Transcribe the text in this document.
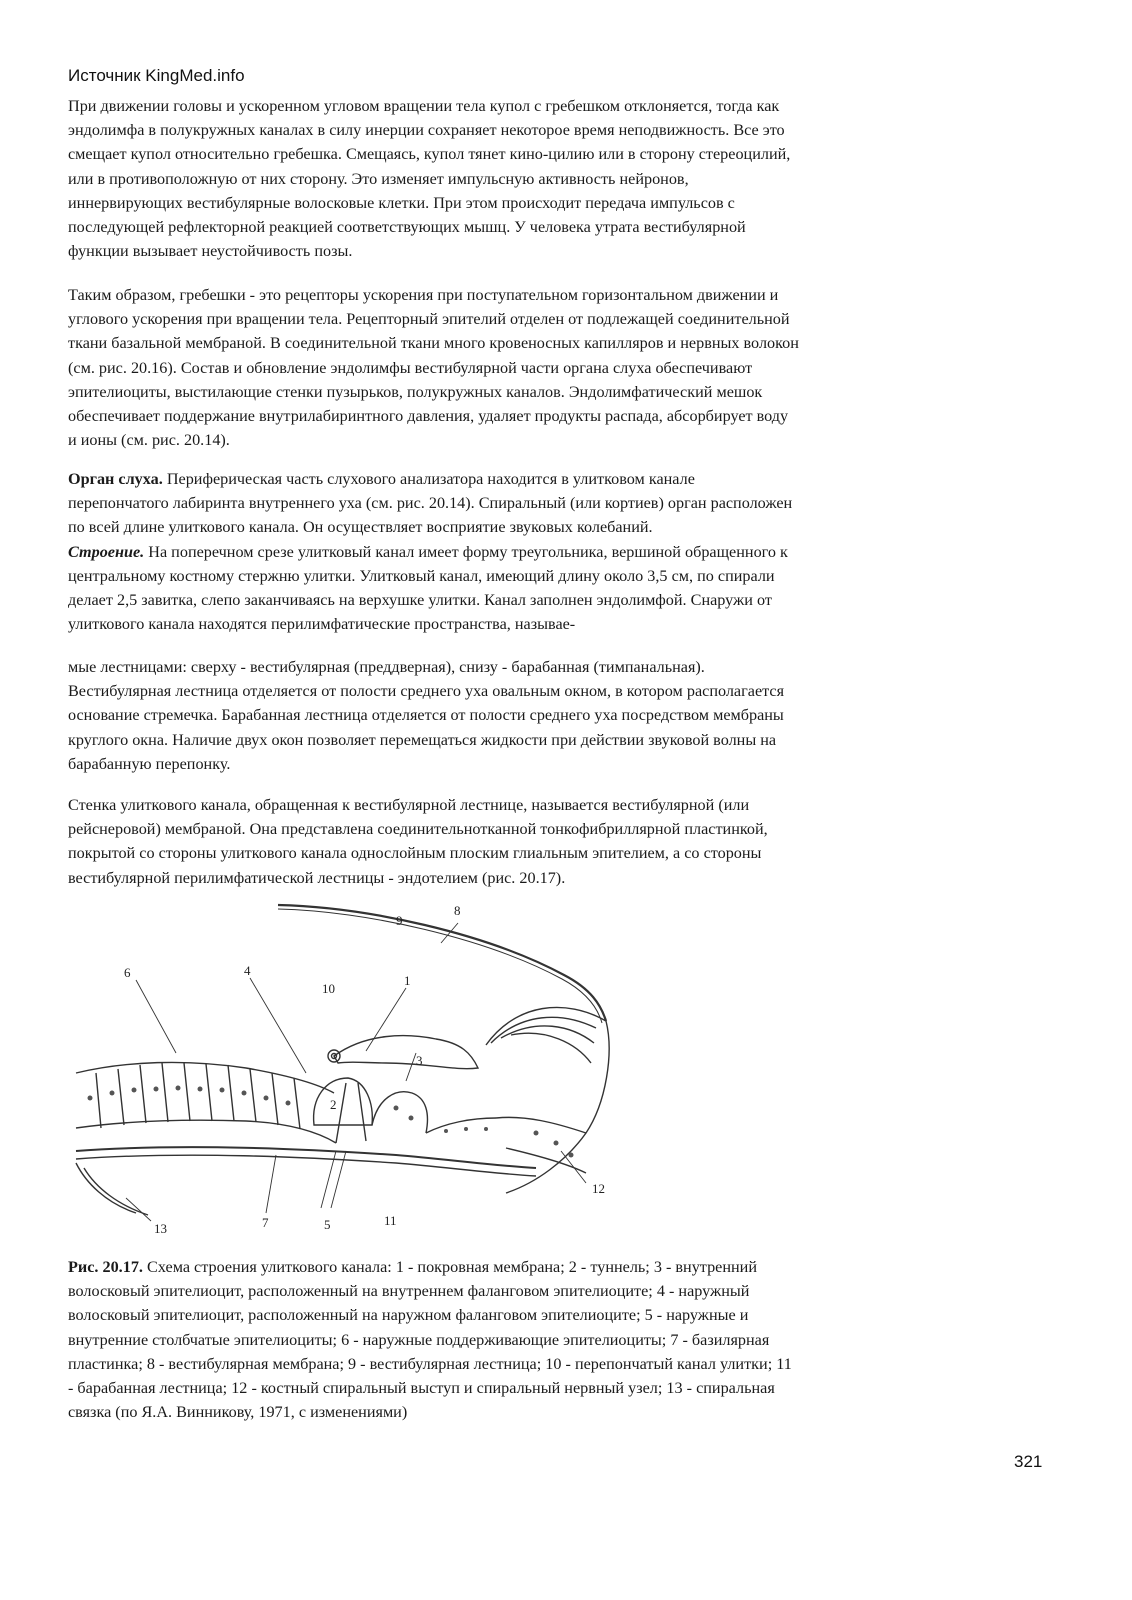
Источник KingMed.info

При движении головы и ускоренном угловом вращении тела купол с гребешком отклоняется, тогда как
эндолимфа в полукружных каналах в силу инерции сохраняет некоторое время неподвижность. Все это
смещает купол относительно гребешка. Смещаясь, купол тянет кино-цилию или в сторону стереоцилий,
или в противоположную от них сторону. Это изменяет импульсную активность нейронов,
иннервирующих вестибулярные волосковые клетки. При этом происходит передача импульсов с
последующей рефлекторной реакцией соответствующих мышц. У человека утрата вестибулярной
функции вызывает неустойчивость позы.

Таким образом, гребешки - это рецепторы ускорения при поступательном горизонтальном движении и
углового ускорения при вращении тела. Рецепторный эпителий отделен от подлежащей соединительной
ткани базальной мембраной. В соединительной ткани много кровеносных капилляров и нервных волокон
(см. рис. 20.16). Состав и обновление эндолимфы вестибулярной части органа слуха обеспечивают
эпителиоциты, выстилающие стенки пузырьков, полукружных каналов. Эндолимфатический мешок
обеспечивает поддержание внутрилабиринтного давления, удаляет продукты распада, абсорбирует воду
и ионы (см. рис. 20.14).

Орган слуха. Периферическая часть слухового анализатора находится в улитковом канале
перепончатого лабиринта внутреннего уха (см. рис. 20.14). Спиральный (или кортиев) орган расположен
по всей длине улиткового канала. Он осуществляет восприятие звуковых колебаний.
Строение. На поперечном срезе улитковый канал имеет форму треугольника, вершиной обращенного к
центральному костному стержню улитки. Улитковый канал, имеющий длину около 3,5 см, по спирали
делает 2,5 завитка, слепо заканчиваясь на верхушке улитки. Канал заполнен эндолимфой. Снаружи от
улиткового канала находятся перилимфатические пространства, называе-

мые лестницами: сверху - вестибулярная (преддверная), снизу - барабанная (тимпанальная).
Вестибулярная лестница отделяется от полости среднего уха овальным окном, в котором располагается
основание стремечка. Барабанная лестница отделяется от полости среднего уха посредством мембраны
круглого окна. Наличие двух окон позволяет перемещаться жидкости при действии звуковой волны на
барабанную перепонку.

Стенка улиткового канала, обращенная к вестибулярной лестнице, называется вестибулярной (или
рейснеровой) мембраной. Она представлена соединительнотканной тонкофибриллярной пластинкой,
покрытой со стороны улиткового канала однослойным плоским глиальным эпителием, а со стороны
вестибулярной перилимфатической лестницы - эндотелием (рис. 20.17).

8
9
10
1
4
6
3
2
12
13	7	5	11

Рис. 20.17. Схема строения улиткового канала: 1 - покровная мембрана; 2 - туннель; 3 - внутренний
волосковый эпителиоцит, расположенный на внутреннем фаланговом эпителиоците; 4 - наружный
волосковый эпителиоцит, расположенный на наружном фаланговом эпителиоците; 5 - наружные и
внутренние столбчатые эпителиоциты; 6 - наружные поддерживающие эпителиоциты; 7 - базилярная
пластинка; 8 - вестибулярная мембрана; 9 - вестибулярная лестница; 10 - перепончатый канал улитки; 11
- барабанная лестница; 12 - костный спиральный выступ и спиральный нервный узел; 13 - спиральная
связка (по Я.А. Винникову, 1971, с изменениями)

321
